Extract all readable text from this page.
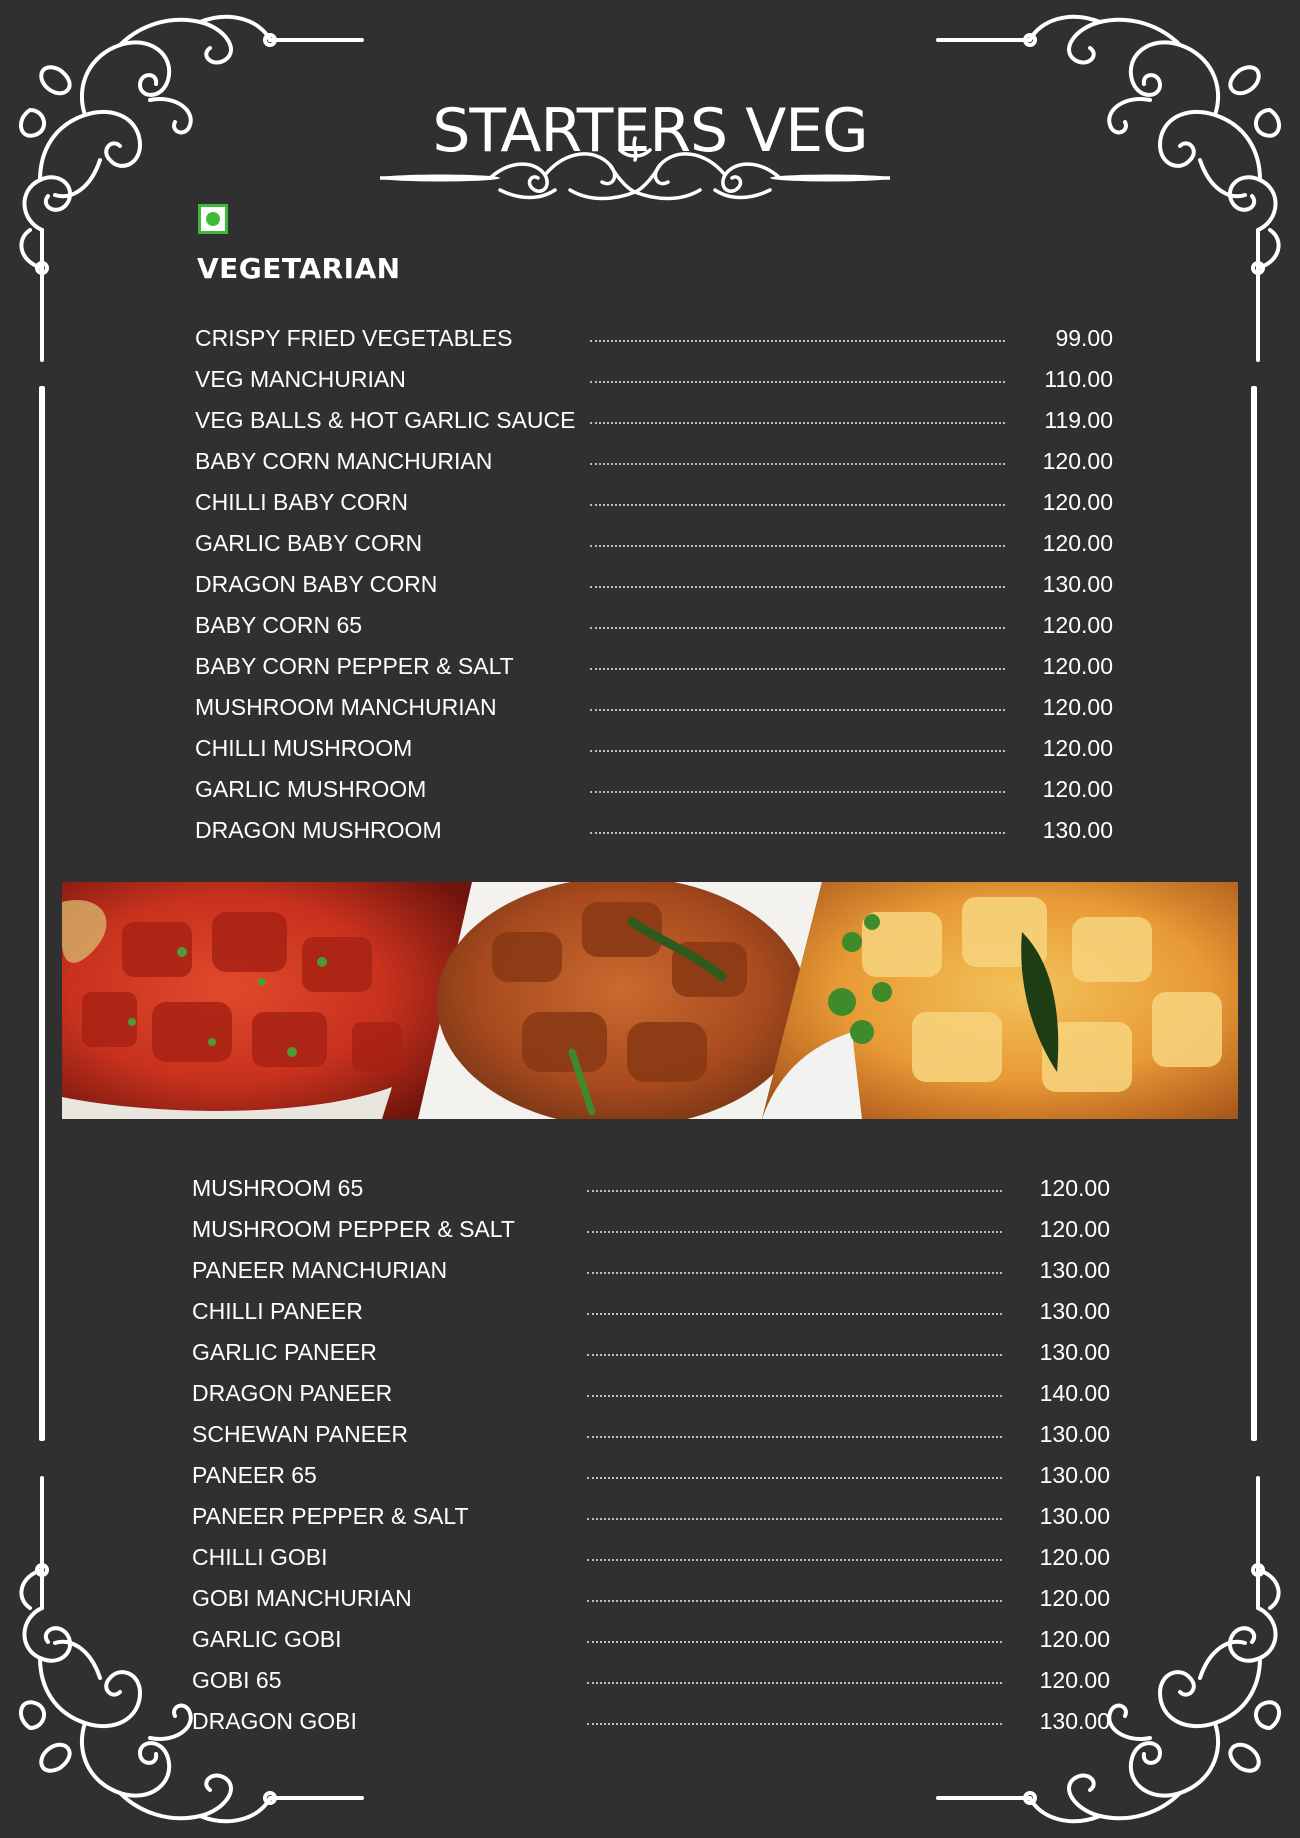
STARTERS VEG
VEGETARIAN
CRISPY FRIED VEGETABLES	99.00
VEG MANCHURIAN	110.00
VEG BALLS & HOT GARLIC SAUCE	119.00
BABY CORN MANCHURIAN	120.00
CHILLI BABY CORN	120.00
GARLIC BABY CORN	120.00
DRAGON BABY CORN	130.00
BABY CORN 65	120.00
BABY CORN PEPPER & SALT	120.00
MUSHROOM MANCHURIAN	120.00
CHILLI MUSHROOM	120.00
GARLIC MUSHROOM	120.00
DRAGON MUSHROOM	130.00
MUSHROOM 65	120.00
MUSHROOM PEPPER & SALT	120.00
PANEER MANCHURIAN	130.00
CHILLI PANEER	130.00
GARLIC PANEER	130.00
DRAGON PANEER	140.00
SCHEWAN PANEER	130.00
PANEER 65	130.00
PANEER PEPPER & SALT	130.00
CHILLI GOBI	120.00
GOBI MANCHURIAN	120.00
GARLIC GOBI	120.00
GOBI 65	120.00
DRAGON GOBI	130.00
